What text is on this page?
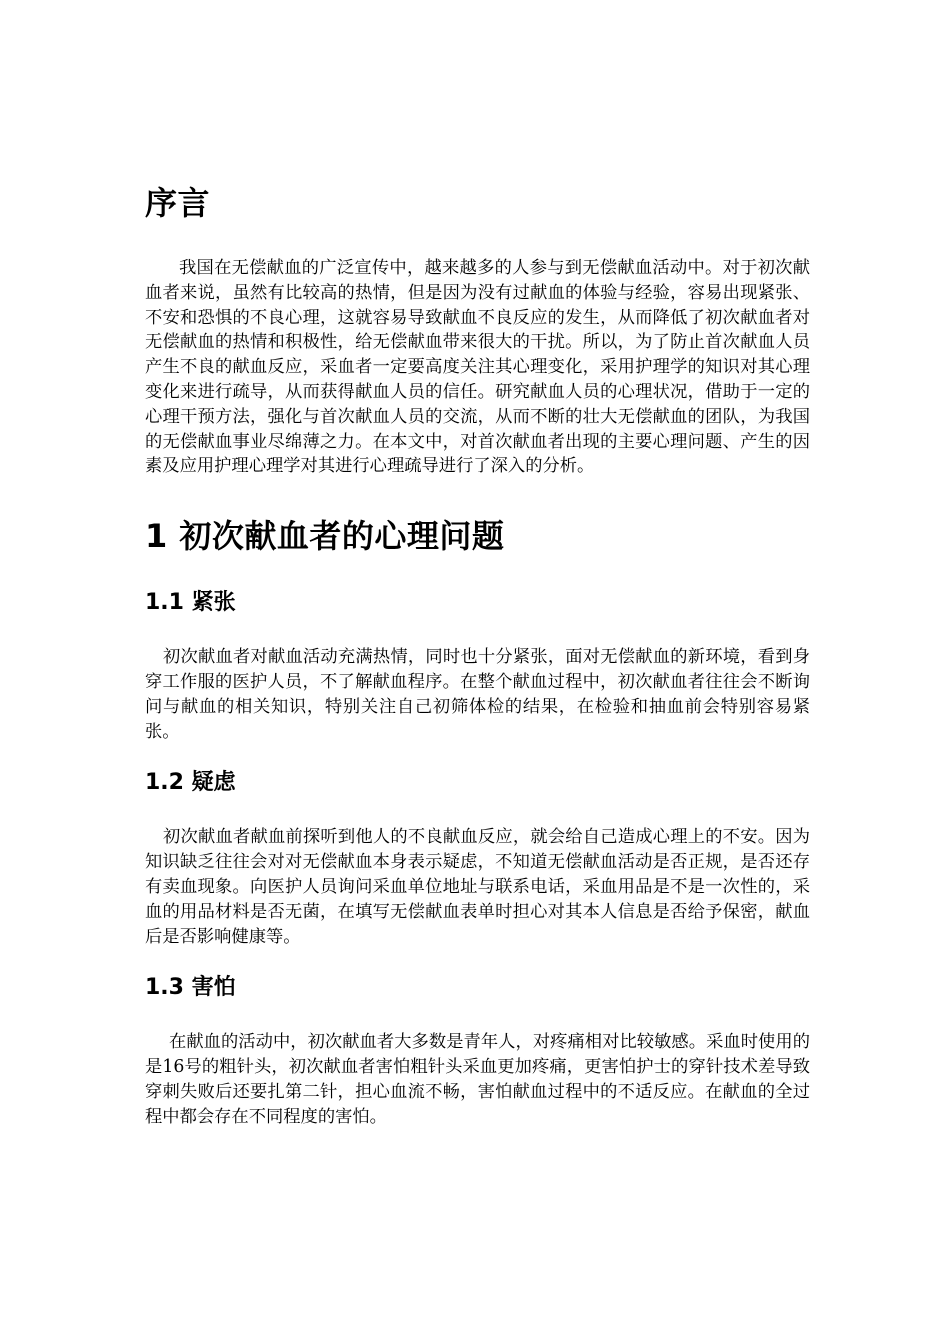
序言

我国在无偿献血的广泛宣传中，越来越多的人参与到无偿献血活动中。对于初次献血者来说，虽然有比较高的热情，但是因为没有过献血的体验与经验，容易出现紧张、不安和恐惧的不良心理，这就容易导致献血不良反应的发生，从而降低了初次献血者对无偿献血的热情和积极性，给无偿献血带来很大的干扰。所以，为了防止首次献血人员产生不良的献血反应，采血者一定要高度关注其心理变化，采用护理学的知识对其心理变化来进行疏导，从而获得献血人员的信任。研究献血人员的心理状况，借助于一定的心理干预方法，强化与首次献血人员的交流，从而不断的壮大无偿献血的团队，为我国的无偿献血事业尽绵薄之力。在本文中，对首次献血者出现的主要心理问题、产生的因素及应用护理心理学对其进行心理疏导进行了深入的分析。

1 初次献血者的心理问题
1.1 紧张

初次献血者对献血活动充满热情，同时也十分紧张，面对无偿献血的新环境，看到身穿工作服的医护人员，不了解献血程序。在整个献血过程中，初次献血者往往会不断询问与献血的相关知识，特别关注自己初筛体检的结果，在检验和抽血前会特别容易紧张。

1.2 疑虑

初次献血者献血前探听到他人的不良献血反应，就会给自己造成心理上的不安。因为知识缺乏往往会对对无偿献血本身表示疑虑，不知道无偿献血活动是否正规，是否还存有卖血现象。向医护人员询问采血单位地址与联系电话，采血用品是不是一次性的，采血的用品材料是否无菌，在填写无偿献血表单时担心对其本人信息是否给予保密，献血后是否影响健康等。

1.3 害怕

在献血的活动中，初次献血者大多数是青年人，对疼痛相对比较敏感。采血时使用的是16号的粗针头，初次献血者害怕粗针头采血更加疼痛，更害怕护士的穿针技术差导致穿刺失败后还要扎第二针，担心血流不畅，害怕献血过程中的不适反应。在献血的全过程中都会存在不同程度的害怕。
